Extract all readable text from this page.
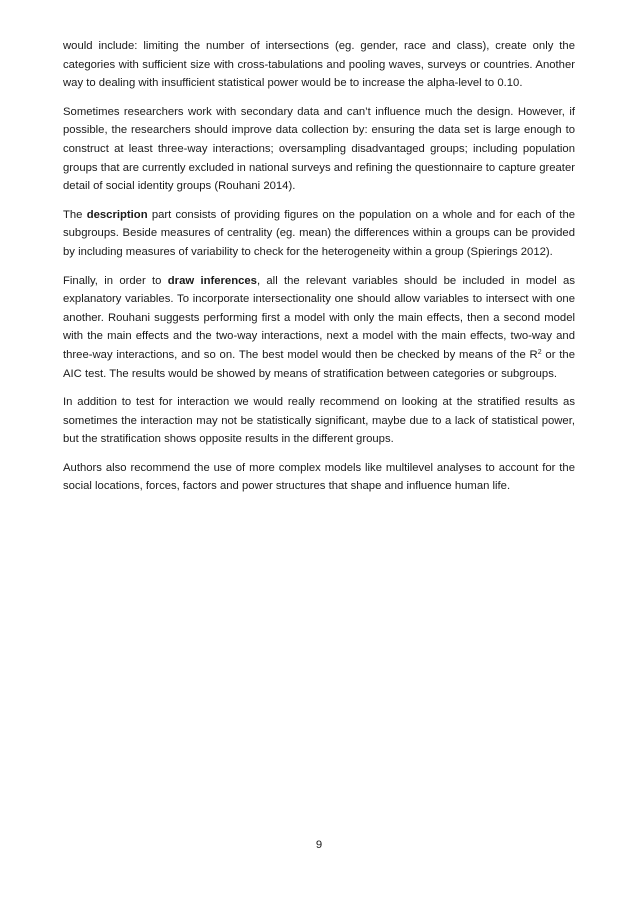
would include: limiting the number of intersections (eg. gender, race and class), create only the categories with sufficient size with cross-tabulations and pooling waves, surveys or countries. Another way to dealing with insufficient statistical power would be to increase the alpha-level to 0.10.

Sometimes researchers work with secondary data and can’t influence much the design. However, if possible, the researchers should improve data collection by: ensuring the data set is large enough to construct at least three-way interactions; oversampling disadvantaged groups; including population groups that are currently excluded in national surveys and refining the questionnaire to capture greater detail of social identity groups (Rouhani 2014).

The description part consists of providing figures on the population on a whole and for each of the subgroups. Beside measures of centrality (eg. mean) the differences within a groups can be provided by including measures of variability to check for the heterogeneity within a group (Spierings 2012).

Finally, in order to draw inferences, all the relevant variables should be included in model as explanatory variables. To incorporate intersectionality one should allow variables to intersect with one another. Rouhani suggests performing first a model with only the main effects, then a second model with the main effects and the two-way interactions, next a model with the main effects, two-way and three-way interactions, and so on. The best model would then be checked by means of the $R^2$ or the AIC test. The results would be showed by means of stratification between categories or subgroups.

In addition to test for interaction we would really recommend on looking at the stratified results as sometimes the interaction may not be statistically significant, maybe due to a lack of statistical power, but the stratification shows opposite results in the different groups.

Authors also recommend the use of more complex models like multilevel analyses to account for the social locations, forces, factors and power structures that shape and influence human life.

9
